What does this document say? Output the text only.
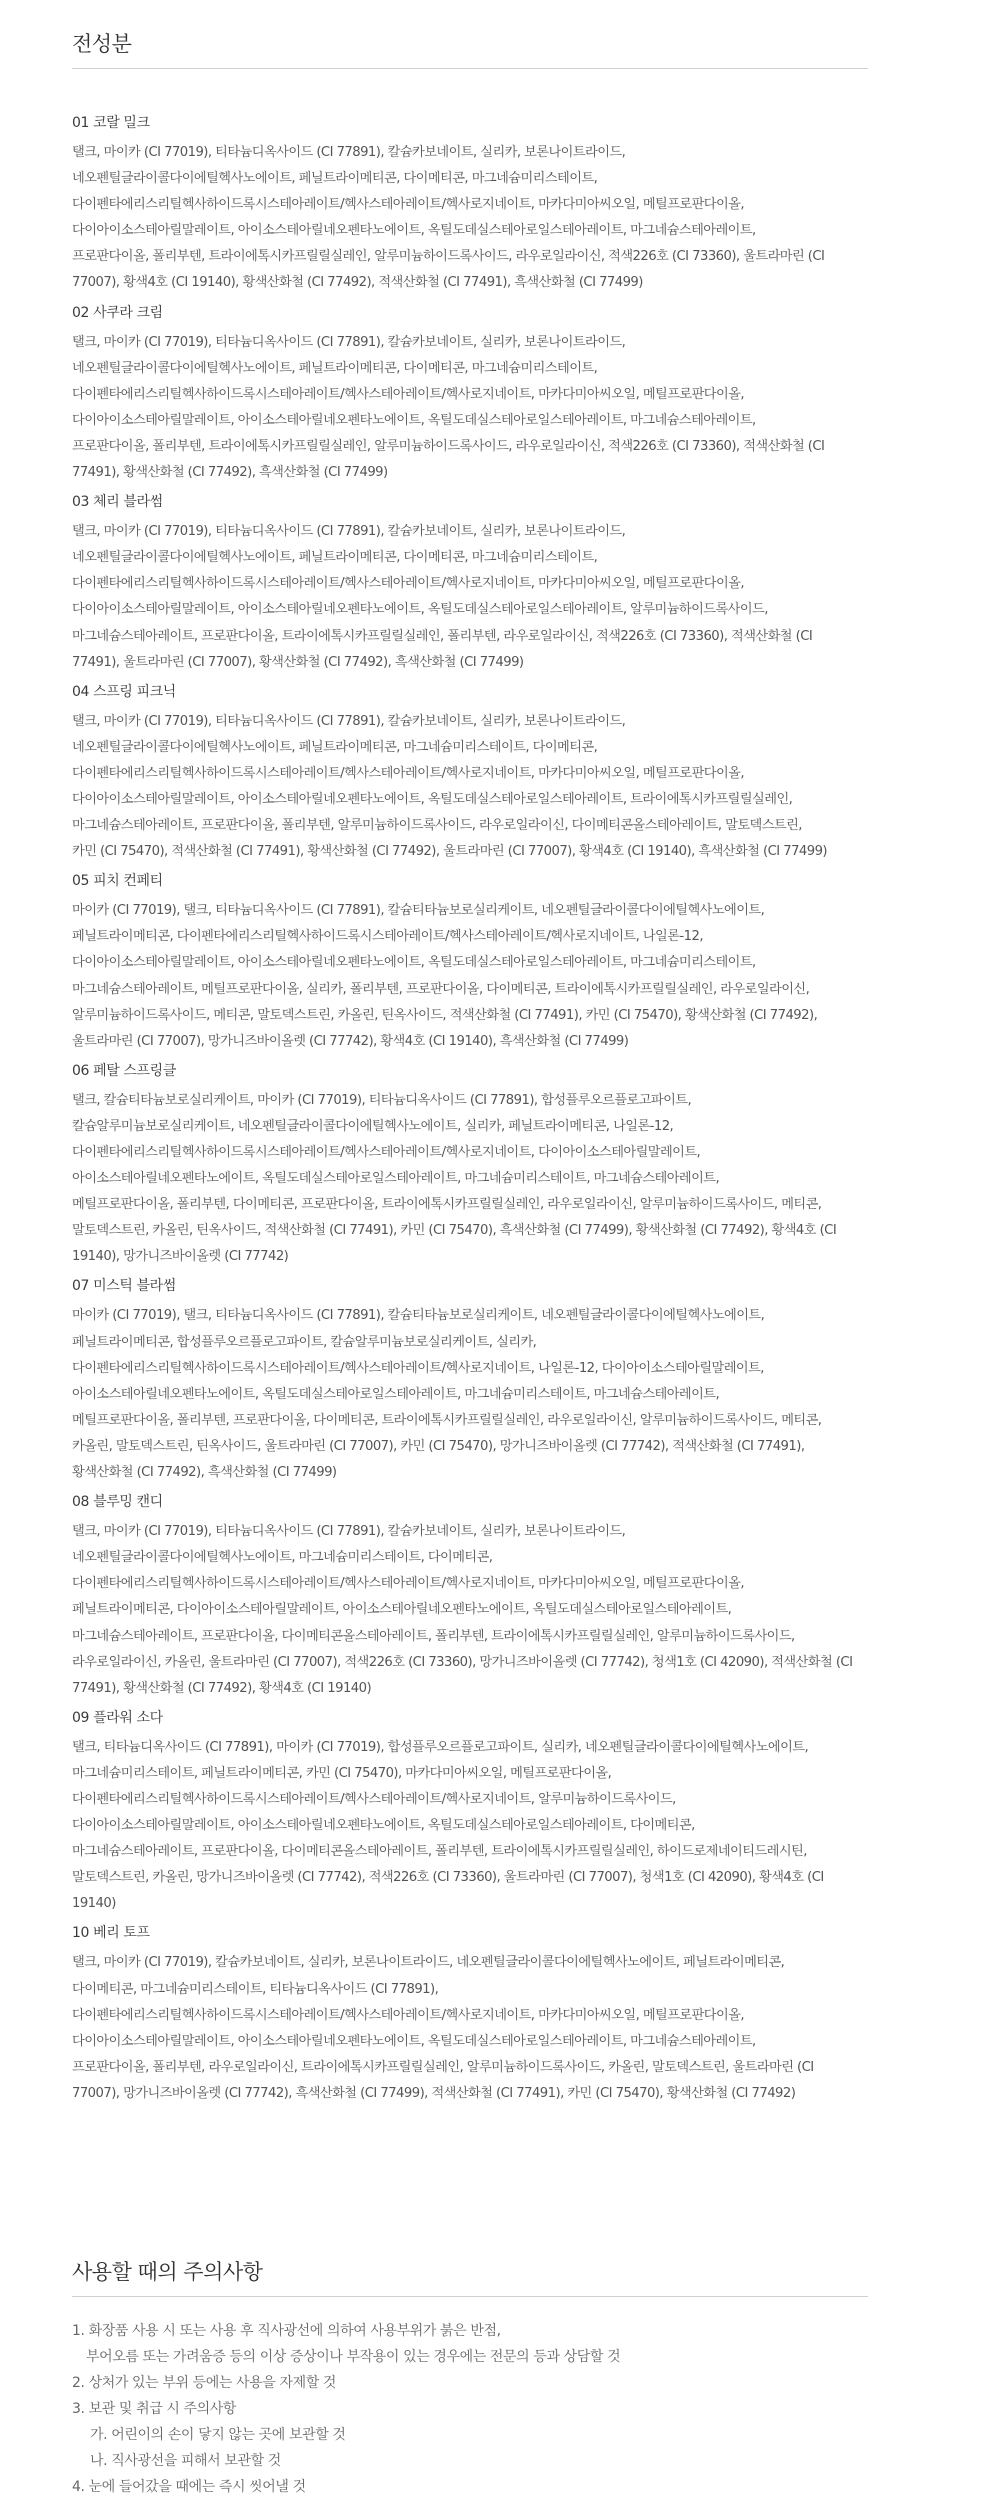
전성분
01 코랄 밀크
탤크, 마이카 (CI 77019), 티타늄디옥사이드 (CI 77891), 칼슘카보네이트, 실리카, 보론나이트라이드,
네오펜틸글라이콜다이에틸헥사노에이트, 페닐트라이메티콘, 다이메티콘, 마그네슘미리스테이트,
다이펜타에리스리틸헥사하이드록시스테아레이트/헥사스테아레이트/헥사로지네이트, 마카다미아씨오일, 메틸프로판다이올,
다이아이소스테아릴말레이트, 아이소스테아릴네오펜타노에이트, 옥틸도데실스테아로일스테아레이트, 마그네슘스테아레이트,
프로판다이올, 폴리부텐, 트라이에톡시카프릴릴실레인, 알루미늄하이드록사이드, 라우로일라이신, 적색226호 (CI 73360), 울트라마린 (CI
77007), 황색4호 (CI 19140), 황색산화철 (CI 77492), 적색산화철 (CI 77491), 흑색산화철 (CI 77499)
02 사쿠라 크림
탤크, 마이카 (CI 77019), 티타늄디옥사이드 (CI 77891), 칼슘카보네이트, 실리카, 보론나이트라이드,
네오펜틸글라이콜다이에틸헥사노에이트, 페닐트라이메티콘, 다이메티콘, 마그네슘미리스테이트,
다이펜타에리스리틸헥사하이드록시스테아레이트/헥사스테아레이트/헥사로지네이트, 마카다미아씨오일, 메틸프로판다이올,
다이아이소스테아릴말레이트, 아이소스테아릴네오펜타노에이트, 옥틸도데실스테아로일스테아레이트, 마그네슘스테아레이트,
프로판다이올, 폴리부텐, 트라이에톡시카프릴릴실레인, 알루미늄하이드록사이드, 라우로일라이신, 적색226호 (CI 73360), 적색산화철 (CI
77491), 황색산화철 (CI 77492), 흑색산화철 (CI 77499)
03 체리 블라썸
탤크, 마이카 (CI 77019), 티타늄디옥사이드 (CI 77891), 칼슘카보네이트, 실리카, 보론나이트라이드,
네오펜틸글라이콜다이에틸헥사노에이트, 페닐트라이메티콘, 다이메티콘, 마그네슘미리스테이트,
다이펜타에리스리틸헥사하이드록시스테아레이트/헥사스테아레이트/헥사로지네이트, 마카다미아씨오일, 메틸프로판다이올,
다이아이소스테아릴말레이트, 아이소스테아릴네오펜타노에이트, 옥틸도데실스테아로일스테아레이트, 알루미늄하이드록사이드,
마그네슘스테아레이트, 프로판다이올, 트라이에톡시카프릴릴실레인, 폴리부텐, 라우로일라이신, 적색226호 (CI 73360), 적색산화철 (CI
77491), 울트라마린 (CI 77007), 황색산화철 (CI 77492), 흑색산화철 (CI 77499)
04 스프링 피크닉
탤크, 마이카 (CI 77019), 티타늄디옥사이드 (CI 77891), 칼슘카보네이트, 실리카, 보론나이트라이드,
네오펜틸글라이콜다이에틸헥사노에이트, 페닐트라이메티콘, 마그네슘미리스테이트, 다이메티콘,
다이펜타에리스리틸헥사하이드록시스테아레이트/헥사스테아레이트/헥사로지네이트, 마카다미아씨오일, 메틸프로판다이올,
다이아이소스테아릴말레이트, 아이소스테아릴네오펜타노에이트, 옥틸도데실스테아로일스테아레이트, 트라이에톡시카프릴릴실레인,
마그네슘스테아레이트, 프로판다이올, 폴리부텐, 알루미늄하이드록사이드, 라우로일라이신, 다이메티콘올스테아레이트, 말토덱스트린,
카민 (CI 75470), 적색산화철 (CI 77491), 황색산화철 (CI 77492), 울트라마린 (CI 77007), 황색4호 (CI 19140), 흑색산화철 (CI 77499)
05 피치 컨페티
마이카 (CI 77019), 탤크, 티타늄디옥사이드 (CI 77891), 칼슘티타늄보로실리케이트, 네오펜틸글라이콜다이에틸헥사노에이트,
페닐트라이메티콘, 다이펜타에리스리틸헥사하이드록시스테아레이트/헥사스테아레이트/헥사로지네이트, 나일론-12,
다이아이소스테아릴말레이트, 아이소스테아릴네오펜타노에이트, 옥틸도데실스테아로일스테아레이트, 마그네슘미리스테이트,
마그네슘스테아레이트, 메틸프로판다이올, 실리카, 폴리부텐, 프로판다이올, 다이메티콘, 트라이에톡시카프릴릴실레인, 라우로일라이신,
알루미늄하이드록사이드, 메티콘, 말토덱스트린, 카올린, 틴옥사이드, 적색산화철 (CI 77491), 카민 (CI 75470), 황색산화철 (CI 77492),
울트라마린 (CI 77007), 망가니즈바이올렛 (CI 77742), 황색4호 (CI 19140), 흑색산화철 (CI 77499)
06 페탈 스프링클
탤크, 칼슘티타늄보로실리케이트, 마이카 (CI 77019), 티타늄디옥사이드 (CI 77891), 합성플루오르플로고파이트,
칼슘알루미늄보로실리케이트, 네오펜틸글라이콜다이에틸헥사노에이트, 실리카, 페닐트라이메티콘, 나일론-12,
다이펜타에리스리틸헥사하이드록시스테아레이트/헥사스테아레이트/헥사로지네이트, 다이아이소스테아릴말레이트,
아이소스테아릴네오펜타노에이트, 옥틸도데실스테아로일스테아레이트, 마그네슘미리스테이트, 마그네슘스테아레이트,
메틸프로판다이올, 폴리부텐, 다이메티콘, 프로판다이올, 트라이에톡시카프릴릴실레인, 라우로일라이신, 알루미늄하이드록사이드, 메티콘,
말토덱스트린, 카올린, 틴옥사이드, 적색산화철 (CI 77491), 카민 (CI 75470), 흑색산화철 (CI 77499), 황색산화철 (CI 77492), 황색4호 (CI
19140), 망가니즈바이올렛 (CI 77742)
07 미스틱 블라썸
마이카 (CI 77019), 탤크, 티타늄디옥사이드 (CI 77891), 칼슘티타늄보로실리케이트, 네오펜틸글라이콜다이에틸헥사노에이트,
페닐트라이메티콘, 합성플루오르플로고파이트, 칼슘알루미늄보로실리케이트, 실리카,
다이펜타에리스리틸헥사하이드록시스테아레이트/헥사스테아레이트/헥사로지네이트, 나일론-12, 다이아이소스테아릴말레이트,
아이소스테아릴네오펜타노에이트, 옥틸도데실스테아로일스테아레이트, 마그네슘미리스테이트, 마그네슘스테아레이트,
메틸프로판다이올, 폴리부텐, 프로판다이올, 다이메티콘, 트라이에톡시카프릴릴실레인, 라우로일라이신, 알루미늄하이드록사이드, 메티콘,
카올린, 말토덱스트린, 틴옥사이드, 울트라마린 (CI 77007), 카민 (CI 75470), 망가니즈바이올렛 (CI 77742), 적색산화철 (CI 77491),
황색산화철 (CI 77492), 흑색산화철 (CI 77499)
08 블루밍 캔디
탤크, 마이카 (CI 77019), 티타늄디옥사이드 (CI 77891), 칼슘카보네이트, 실리카, 보론나이트라이드,
네오펜틸글라이콜다이에틸헥사노에이트, 마그네슘미리스테이트, 다이메티콘,
다이펜타에리스리틸헥사하이드록시스테아레이트/헥사스테아레이트/헥사로지네이트, 마카다미아씨오일, 메틸프로판다이올,
페닐트라이메티콘, 다이아이소스테아릴말레이트, 아이소스테아릴네오펜타노에이트, 옥틸도데실스테아로일스테아레이트,
마그네슘스테아레이트, 프로판다이올, 다이메티콘올스테아레이트, 폴리부텐, 트라이에톡시카프릴릴실레인, 알루미늄하이드록사이드,
라우로일라이신, 카올린, 울트라마린 (CI 77007), 적색226호 (CI 73360), 망가니즈바이올렛 (CI 77742), 청색1호 (CI 42090), 적색산화철 (CI
77491), 황색산화철 (CI 77492), 황색4호 (CI 19140)
09 플라워 소다
탤크, 티타늄디옥사이드 (CI 77891), 마이카 (CI 77019), 합성플루오르플로고파이트, 실리카, 네오펜틸글라이콜다이에틸헥사노에이트,
마그네슘미리스테이트, 페닐트라이메티콘, 카민 (CI 75470), 마카다미아씨오일, 메틸프로판다이올,
다이펜타에리스리틸헥사하이드록시스테아레이트/헥사스테아레이트/헥사로지네이트, 알루미늄하이드록사이드,
다이아이소스테아릴말레이트, 아이소스테아릴네오펜타노에이트, 옥틸도데실스테아로일스테아레이트, 다이메티콘,
마그네슘스테아레이트, 프로판다이올, 다이메티콘올스테아레이트, 폴리부텐, 트라이에톡시카프릴릴실레인, 하이드로제네이티드레시틴,
말토덱스트린, 카올린, 망가니즈바이올렛 (CI 77742), 적색226호 (CI 73360), 울트라마린 (CI 77007), 청색1호 (CI 42090), 황색4호 (CI
19140)
10 베리 토프
탤크, 마이카 (CI 77019), 칼슘카보네이트, 실리카, 보론나이트라이드, 네오펜틸글라이콜다이에틸헥사노에이트, 페닐트라이메티콘,
다이메티콘, 마그네슘미리스테이트, 티타늄디옥사이드 (CI 77891),
다이펜타에리스리틸헥사하이드록시스테아레이트/헥사스테아레이트/헥사로지네이트, 마카다미아씨오일, 메틸프로판다이올,
다이아이소스테아릴말레이트, 아이소스테아릴네오펜타노에이트, 옥틸도데실스테아로일스테아레이트, 마그네슘스테아레이트,
프로판다이올, 폴리부텐, 라우로일라이신, 트라이에톡시카프릴릴실레인, 알루미늄하이드록사이드, 카올린, 말토덱스트린, 울트라마린 (CI
77007), 망가니즈바이올렛 (CI 77742), 흑색산화철 (CI 77499), 적색산화철 (CI 77491), 카민 (CI 75470), 황색산화철 (CI 77492)
사용할 때의 주의사항
1. 화장품 사용 시 또는 사용 후 직사광선에 의하여 사용부위가 붉은 반점,
부어오름 또는 가려움증 등의 이상 증상이나 부작용이 있는 경우에는 전문의 등과 상담할 것
2. 상처가 있는 부위 등에는 사용을 자제할 것
3. 보관 및 취급 시 주의사항
가. 어린이의 손이 닿지 않는 곳에 보관할 것
나. 직사광선을 피해서 보관할 것
4. 눈에 들어갔을 때에는 즉시 씻어낼 것
